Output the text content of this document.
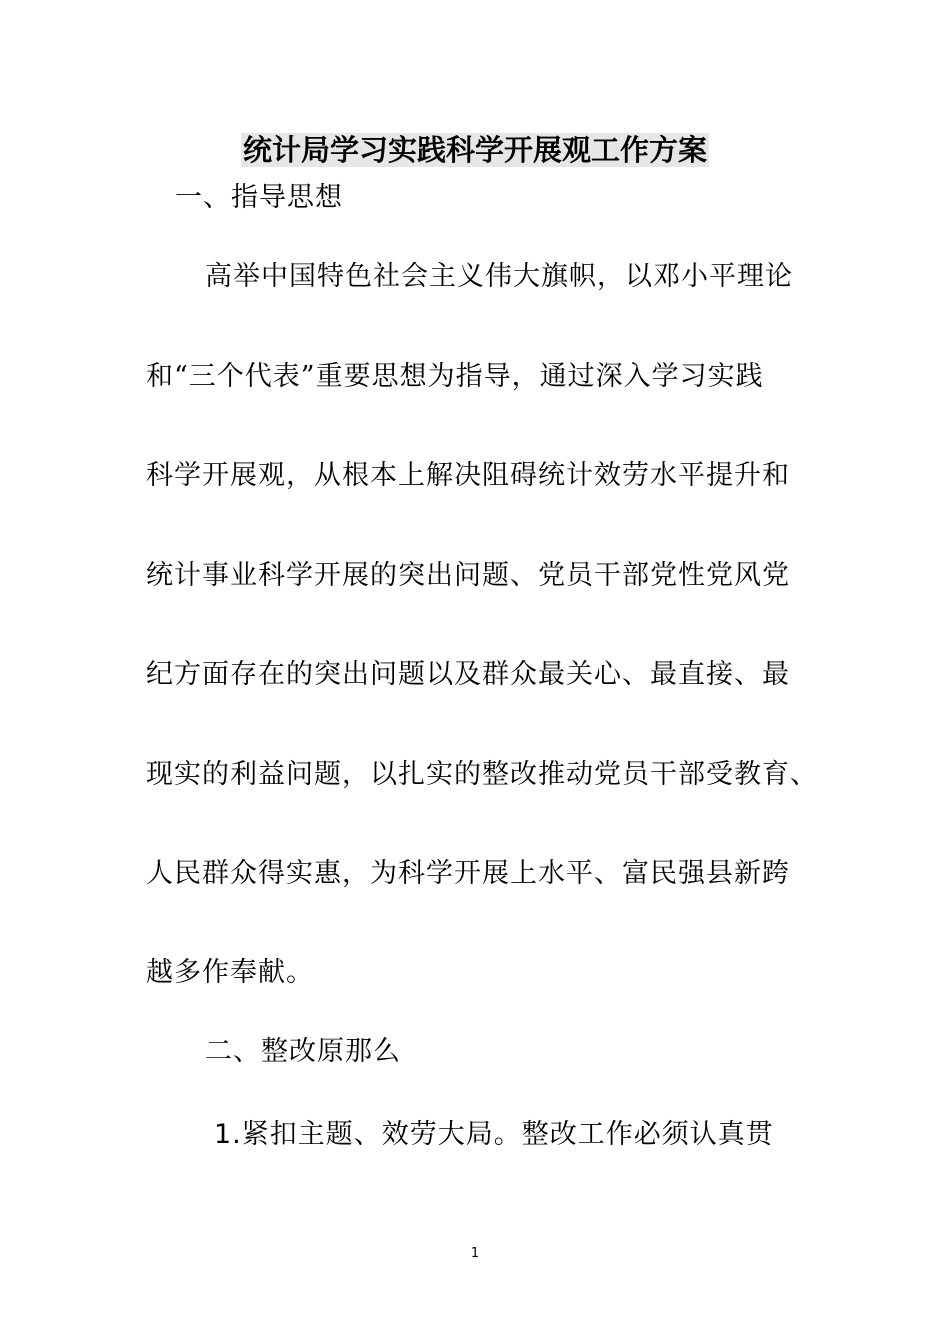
统计局学习实践科学开展观工作方案
一、指导思想
高举中国特色社会主义伟大旗帜，以邓小平理论
和“三个代表”重要思想为指导，通过深入学习实践
科学开展观，从根本上解决阻碍统计效劳水平提升和
统计事业科学开展的突出问题、党员干部党性党风党
纪方面存在的突出问题以及群众最关心、最直接、最
现实的利益问题，以扎实的整改推动党员干部受教育、
人民群众得实惠，为科学开展上水平、富民强县新跨
越多作奉献。
二、整改原那么
1.紧扣主题、效劳大局。整改工作必须认真贯
1
